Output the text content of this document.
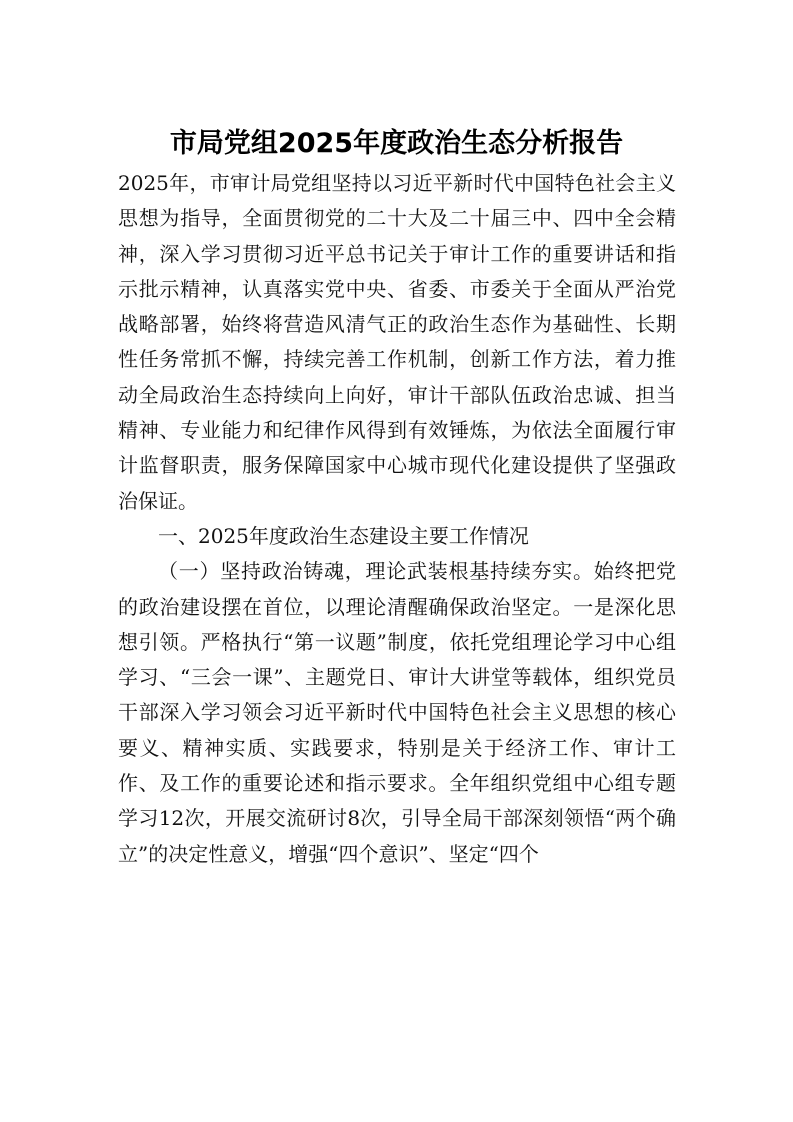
市局党组2025年度政治生态分析报告

2025年，市审计局党组坚持以习近平新时代中国特色社会主义思想为指导，全面贯彻党的二十大及二十届三中、四中全会精神，深入学习贯彻习近平总书记关于审计工作的重要讲话和指示批示精神，认真落实党中央、省委、市委关于全面从严治党战略部署，始终将营造风清气正的政治生态作为基础性、长期性任务常抓不懈，持续完善工作机制，创新工作方法，着力推动全局政治生态持续向上向好，审计干部队伍政治忠诚、担当精神、专业能力和纪律作风得到有效锤炼，为依法全面履行审计监督职责，服务保障国家中心城市现代化建设提供了坚强政治保证。

一、2025年度政治生态建设主要工作情况

（一）坚持政治铸魂，理论武装根基持续夯实。始终把党的政治建设摆在首位，以理论清醒确保政治坚定。一是深化思想引领。严格执行“第一议题”制度，依托党组理论学习中心组学习、“三会一课”、主题党日、审计大讲堂等载体，组织党员干部深入学习领会习近平新时代中国特色社会主义思想的核心要义、精神实质、实践要求，特别是关于经济工作、审计工作、及工作的重要论述和指示要求。全年组织党组中心组专题学习12次，开展交流研讨8次，引导全局干部深刻领悟“两个确立”的决定性意义，增强“四个意识”、坚定“四个
